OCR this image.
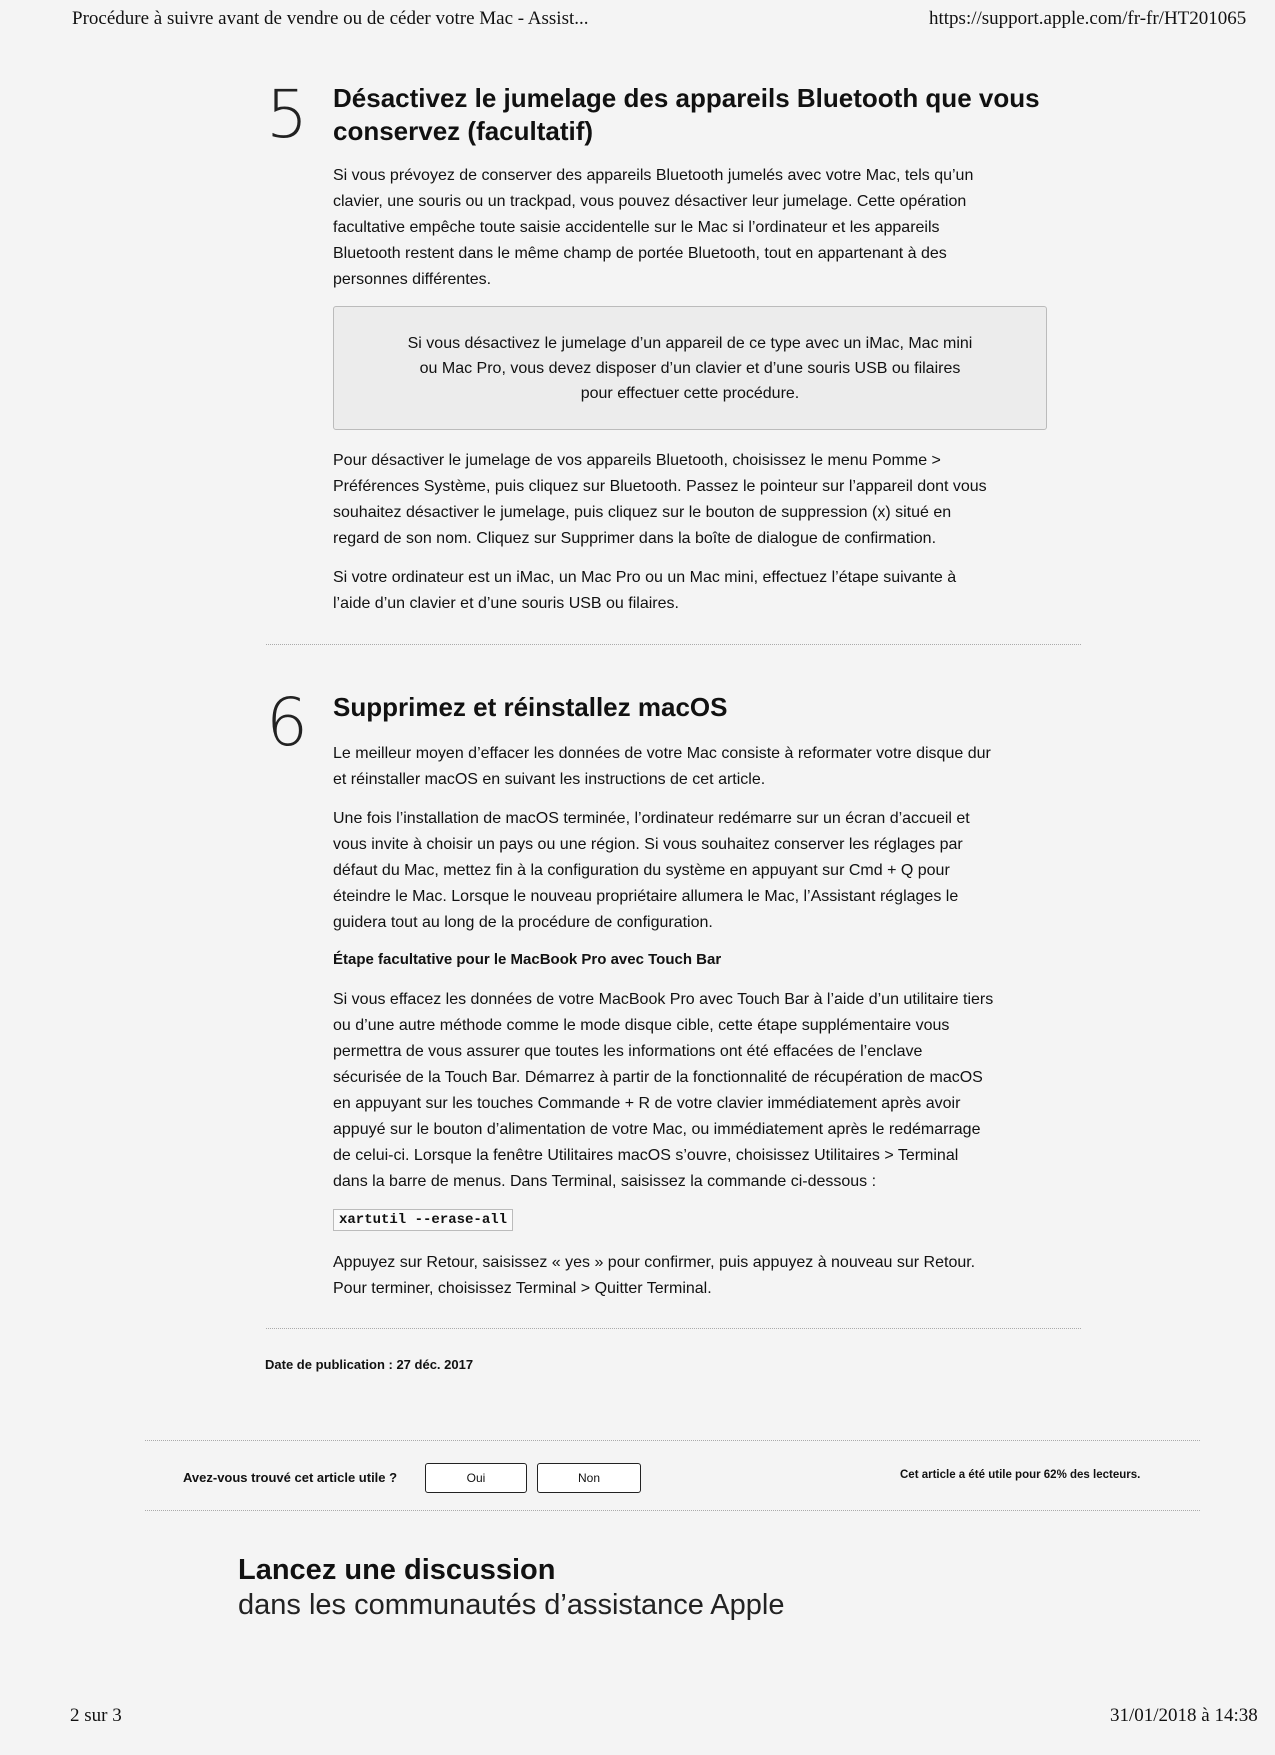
Procédure à suivre avant de vendre ou de céder votre Mac - Assist...	https://support.apple.com/fr-fr/HT201065
5 Désactivez le jumelage des appareils Bluetooth que vous
conservez (facultatif)

Si vous prévoyez de conserver des appareils Bluetooth jumelés avec votre Mac, tels qu’un

clavier, une souris ou un trackpad, vous pouvez désactiver leur jumelage. Cette opération

facultative empêche toute saisie accidentelle sur le Mac si l’ordinateur et les appareils

Bluetooth restent dans le même champ de portée Bluetooth, tout en appartenant à des

personnes différentes.

Si vous désactivez le jumelage d’un appareil de ce type avec un iMac, Mac mini

ou Mac Pro, vous devez disposer d’un clavier et d’une souris USB ou filaires

pour effectuer cette procédure.

Pour désactiver le jumelage de vos appareils Bluetooth, choisissez le menu Pomme >

Préférences Système, puis cliquez sur Bluetooth. Passez le pointeur sur l’appareil dont vous

souhaitez désactiver le jumelage, puis cliquez sur le bouton de suppression (x) situé en

regard de son nom. Cliquez sur Supprimer dans la boîte de dialogue de confirmation.

Si votre ordinateur est un iMac, un Mac Pro ou un Mac mini, effectuez l’étape suivante à

l’aide d’un clavier et d’une souris USB ou filaires.

6 Supprimez et réinstallez macOS

Le meilleur moyen d’effacer les données de votre Mac consiste à reformater votre disque dur

et réinstaller macOS en suivant les instructions de cet article.

Une fois l’installation de macOS terminée, l’ordinateur redémarre sur un écran d’accueil et

vous invite à choisir un pays ou une région. Si vous souhaitez conserver les réglages par

défaut du Mac, mettez fin à la configuration du système en appuyant sur Cmd + Q pour

éteindre le Mac. Lorsque le nouveau propriétaire allumera le Mac, l’Assistant réglages le

guidera tout au long de la procédure de configuration.

Étape facultative pour le MacBook Pro avec Touch Bar

Si vous effacez les données de votre MacBook Pro avec Touch Bar à l’aide d’un utilitaire tiers

ou d’une autre méthode comme le mode disque cible, cette étape supplémentaire vous

permettra de vous assurer que toutes les informations ont été effacées de l’enclave

sécurisée de la Touch Bar. Démarrez à partir de la fonctionnalité de récupération de macOS

en appuyant sur les touches Commande + R de votre clavier immédiatement après avoir

appuyé sur le bouton d’alimentation de votre Mac, ou immédiatement après le redémarrage

de celui-ci. Lorsque la fenêtre Utilitaires macOS s’ouvre, choisissez Utilitaires > Terminal

dans la barre de menus. Dans Terminal, saisissez la commande ci-dessous :

xartutil --erase-all

Appuyez sur Retour, saisissez « yes » pour confirmer, puis appuyez à nouveau sur Retour.

Pour terminer, choisissez Terminal > Quitter Terminal.

Date de publication : 27 déc. 2017
Avez-vous trouvé cet article utile ?	Oui	Non	Cet article a été utile pour 62% des lecteurs.
Lancez une discussion
dans les communautés d’assistance Apple
2 sur 3	31/01/2018 à 14:38
